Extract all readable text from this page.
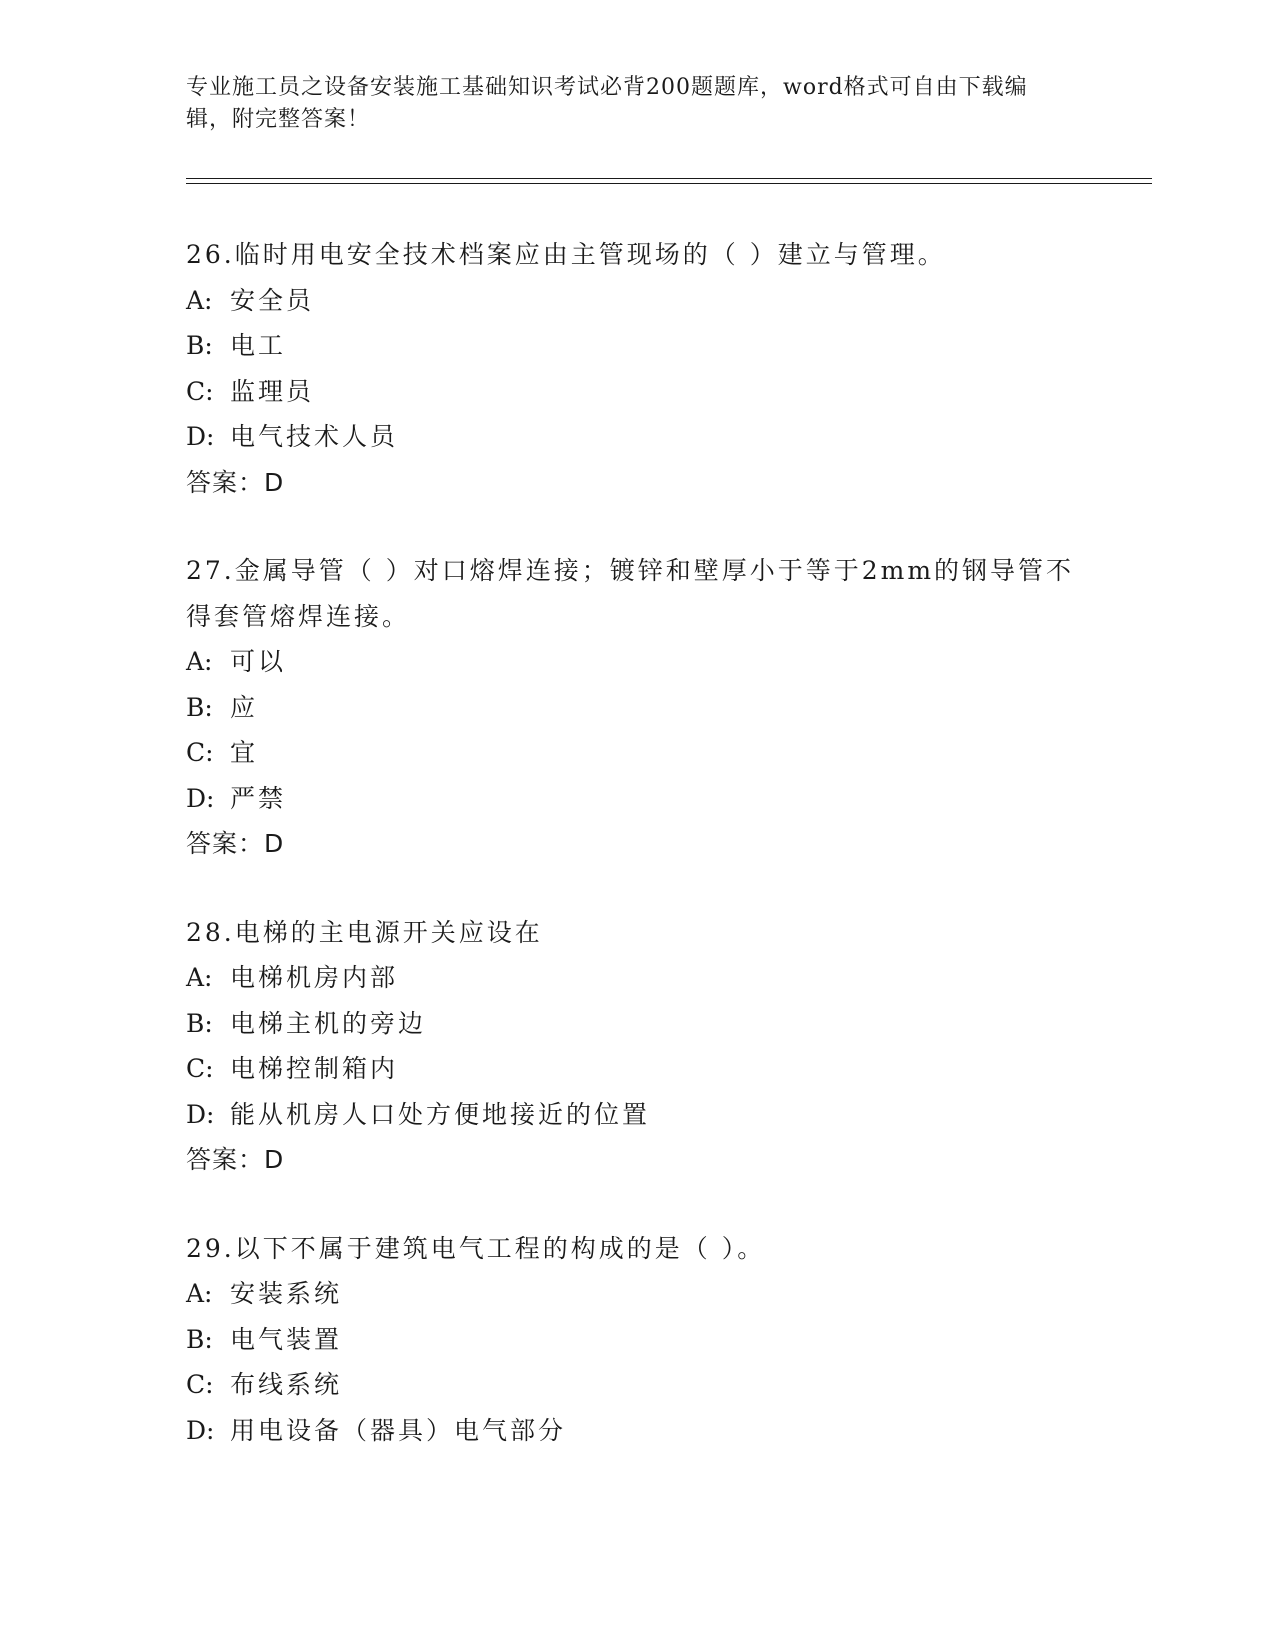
专业施工员之设备安装施工基础知识考试必背200题题库，word格式可自由下载编辑，附完整答案！
26.临时用电安全技术档案应由主管现场的（ ）建立与管理。
A: 安全员
B: 电工
C: 监理员
D: 电气技术人员
答案：D
27.金属导管（ ）对口熔焊连接；镀锌和壁厚小于等于2mm的钢导管不得套管熔焊连接。
A: 可以
B: 应
C: 宜
D: 严禁
答案：D
28.电梯的主电源开关应设在
A: 电梯机房内部
B: 电梯主机的旁边
C: 电梯控制箱内
D: 能从机房人口处方便地接近的位置
答案：D
29.以下不属于建筑电气工程的构成的是（ ）。
A: 安装系统
B: 电气装置
C: 布线系统
D: 用电设备（器具）电气部分
